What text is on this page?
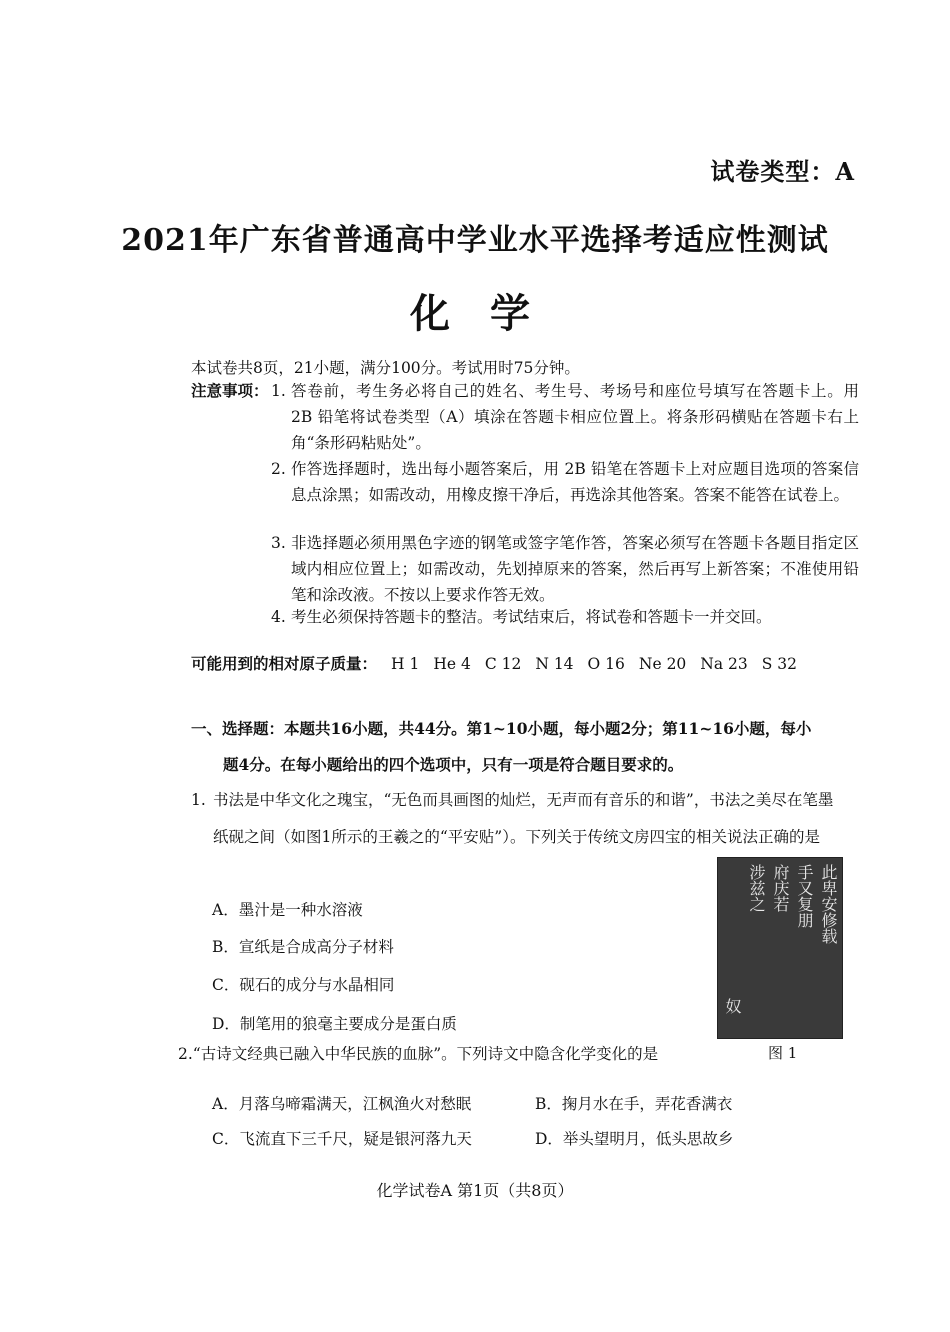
试卷类型：A
2021年广东省普通高中学业水平选择考适应性测试
化学
本试卷共8页，21小题，满分100分。考试用时75分钟。
注意事项： 1. 答卷前，考生务必将自己的姓名、考生号、考场号和座位号填写在答题卡上。用 2B 铅笔将试卷类型（A）填涂在答题卡相应位置上。将条形码横贴在答题卡右上角“条形码粘贴处”。
2. 作答选择题时，选出每小题答案后，用 2B 铅笔在答题卡上对应题目选项的答案信息点涂黑；如需改动，用橡皮擦干净后，再选涂其他答案。答案不能答在试卷上。
3. 非选择题必须用黑色字迹的钢笔或签字笔作答，答案必须写在答题卡各题目指定区域内相应位置上；如需改动，先划掉原来的答案，然后再写上新答案；不准使用铅笔和涂改液。不按以上要求作答无效。
4. 考生必须保持答题卡的整洁。考试结束后，将试卷和答题卡一并交回。
可能用到的相对原子质量： H 1 He 4 C 12 N 14 O 16 Ne 20 Na 23 S 32
一、选择题：本题共16小题，共44分。第1~10小题，每小题2分；第11~16小题，每小
题4分。在每小题给出的四个选项中，只有一项是符合题目要求的。
1. 书法是中华文化之瑰宝，“无色而具画图的灿烂，无声而有音乐的和谐”，书法之美尽在笔墨纸砚之间（如图1所示的王羲之的“平安贴”）。下列关于传统文房四宝的相关说法正确的是
A．墨汁是一种水溶液
B．宣纸是合成高分子材料
C．砚石的成分与水晶相同
D．制笔用的狼毫主要成分是蛋白质
此卑安修载
手又复朋
府庆若
涉兹之
奴
图 1
2.“古诗文经典已融入中华民族的血脉”。下列诗文中隐含化学变化的是
A．月落乌啼霜满天，江枫渔火对愁眠	B．掬月水在手，弄花香满衣
C．飞流直下三千尺，疑是银河落九天	D．举头望明月，低头思故乡
化学试卷A 第1页（共8页）
